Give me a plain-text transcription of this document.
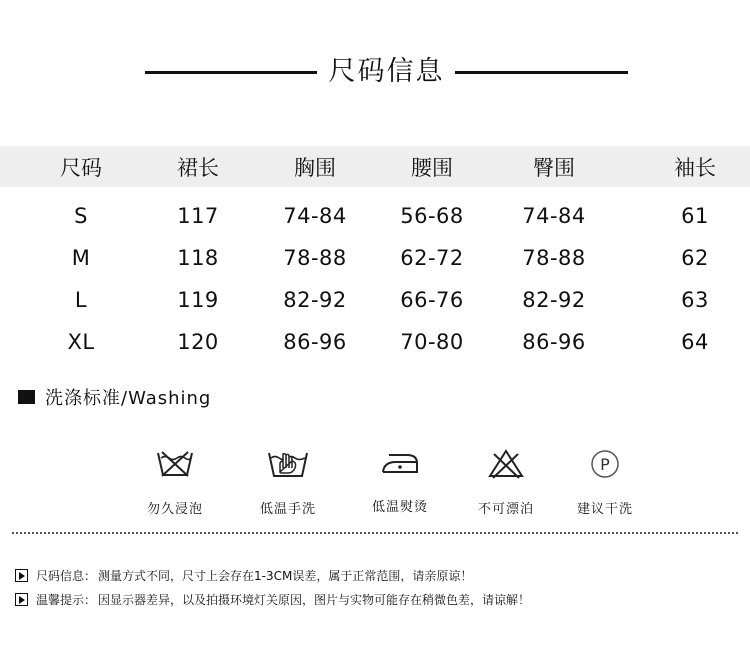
尺码信息
尺码	裙长	胸围	腰围	臀围	袖长
S	117	74-84	56-68	74-84	61
M	118	78-88	62-72	78-88	62
L	119	82-92	66-76	82-92	63
XL	120	86-96	70-80	86-96	64
洗涤标准/Washing
勿久浸泡	低温手洗	低温熨烫	不可漂泊
P
建议干洗
尺码信息： 测量方式不同，尺寸上会存在1-3CM误差，属于正常范围，请亲原谅！
温馨提示： 因显示器差异，以及拍摄环境灯关原因，图片与实物可能存在稍微色差，请谅解！
